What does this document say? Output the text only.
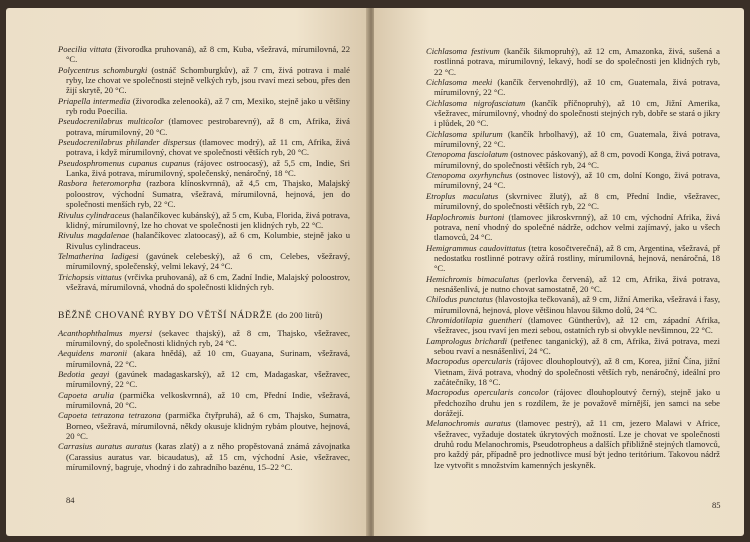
Poecilia vittata (živorodka pruhovaná), až 8 cm, Kuba, všežravá, mírumilovná, 22 °C.

Polycentrus schomburgki (ostnáč Schomburgkův), až 7 cm, živá potrava i malé ryby, lze chovat ve společnosti stejně velkých ryb, jsou rvaví mezi sebou, přes den žijí skrytě, 20 °C.

Priapella intermedia (živorodka zelenooká), až 7 cm, Mexiko, stejně jako u většiny ryb rodu Poecilia.

Pseudocrenilabrus multicolor (tlamovec pestrobarevný), až 8 cm, Afrika, živá potrava, mírumilovný, 20 °C.

Pseudocrenilabrus philander dispersus (tlamovec modrý), až 11 cm, Afrika, živá potrava, i když mírumilovný, chovat ve společnosti větších ryb, 20 °C.

Pseudosphromenus cupanus cupanus (rájovec ostroocasý), až 5,5 cm, Indie, Sri Lanka, živá potrava, mírumilovný, společenský, nenáročný, 18 °C.

Rasbora heteromorpha (razbora klínoskvrnná), až 4,5 cm, Thajsko, Malajský poloostrov, východní Sumatra, všežravá, mírumilovná, hejnová, jen do společnosti menších ryb, 22 °C.

Rivulus cylindraceus (halančíkovec kubánský), až 5 cm, Kuba, Florida, živá potrava, klidný, mírumilovný, lze ho chovat ve společnosti jen klidných ryb, 22 °C.

Rivulus magdalenae (halančíkovec zlatoocasý), až 6 cm, Kolumbie, stejně jako u Rivulus cylindraceus.

Telmatherina ladigesi (gavúnek celebeský), až 6 cm, Celebes, všežravý, mírumilovný, společenský, velmi lekavý, 24 °C.

Trichopsis vittatus (vrčivka pruhovaná), až 6 cm, Zadní Indie, Malajský poloostrov, všežravá, mírumilovná, vhodná do společnosti klidných ryb.

BĚŽNĚ CHOVANÉ RYBY DO VĚTŠÍ NÁDRŽE (do 200 litrů)

Acanthophthalmus myersi (sekavec thajský), až 8 cm, Thajsko, všežravec, mírumilovný, do společnosti klidných ryb, 24 °C.

Aequidens maronii (akara hnědá), až 10 cm, Guayana, Surinam, všežravá, mírumilovná, 22 °C.

Bedotia geayi (gavúnek madagaskarský), až 12 cm, Madagaskar, všežravec, mírumilovný, 22 °C.

Capoeta arulia (parmička velkoskvrnná), až 10 cm, Přední Indie, všežravá, mírumilovná, 20 °C.

Capoeta tetrazona tetrazona (parmička čtyřpruhá), až 6 cm, Thajsko, Sumatra, Borneo, všežravá, mírumilovná, někdy okusuje klidným rybám ploutve, hejnová, 20 °C.

Carrasius auratus auratus (karas zlatý) a z něho propěstovaná známá závojnatka (Carassius auratus var. bicaudatus), až 15 cm, východní Asie, všežravec, mírumilovný, bagruje, vhodný i do zahradního bazénu, 15–22 °C.

84

Cichlasoma festivum (kančík šikmopruhý), až 12 cm, Amazonka, živá, sušená a rostlinná potrava, mírumilovný, lekavý, hodí se do společnosti jen klidných ryb, 22 °C.

Cichlasoma meeki (kančík červenohrdlý), až 10 cm, Guatemala, živá potrava, mírumilovný, 22 °C.

Cichlasoma nigrofasciatum (kančík příčnopruhý), až 10 cm, Jižní Amerika, všežravec, mírumilovný, vhodný do společnosti stejných ryb, dobře se stará o jikry i plůdek, 20 °C.

Cichlasoma spilurum (kančík hrbolhavý), až 10 cm, Guatemala, živá potrava, mírumilovný, 22 °C.

Ctenopoma fasciolatum (ostnovec páskovaný), až 8 cm, povodí Konga, živá potrava, mírumilovný, do společnosti větších ryb, 24 °C.

Ctenopoma oxyrhynchus (ostnovec listový), až 10 cm, dolní Kongo, živá potrava, mírumilovný, 24 °C.

Etroplus maculatus (skvrnivec žlutý), až 8 cm, Přední Indie, všežravec, mírumilovný, do společnosti větších ryb, 22 °C.

Haplochromis burtoni (tlamovec jikroskvrnný), až 10 cm, východní Afrika, živá potrava, není vhodný do společné nádrže, odchov velmi zajímavý, jako u všech tlamovců, 24 °C.

Hemigrammus caudovittatus (tetra kosočtverečná), až 8 cm, Argentina, všežravá, př nedostatku rostlinné potravy ožírá rostliny, mírumilovná, hejnová, nenáročná, 18 °C.

Hemichromis bimaculatus (perlovka červená), až 12 cm, Afrika, živá potrava, nesnášenlivá, je nutno chovat samostatně, 20 °C.

Chilodus punctatus (hlavostojka tečkovaná), až 9 cm, Jižní Amerika, všežravá i řasy, mírumilovná, hejnová, plove většinou hlavou šikmo dolů, 24 °C.

Chromidotilapia guentheri (tlamovec Güntherův), až 12 cm, západní Afrika, všežravec, jsou rvaví jen mezi sebou, ostatních ryb si obvykle nevšimnou, 22 °C.

Lamprologus brichardi (petřenec tanganický), až 8 cm, Afrika, živá potrava, mezi sebou rvaví a nesnášenliví, 24 °C.

Macropodus opercularis (rájovec dlouhoploutvý), až 8 cm, Korea, jižní Čína, jižní Vietnam, živá potrava, vhodný do společnosti větších ryb, nenáročný, ideální pro začátečníky, 18 °C.

Macropodus opercularis concolor (rájovec dlouhoploutvý černý), stejně jako u předchozího druhu jen s rozdílem, že je považově mírnější, jen samci na sebe dorážejí.

Melanochromis auratus (tlamovec pestrý), až 11 cm, jezero Malawi v Africe, všežravec, vyžaduje dostatek úkrytových možností. Lze je chovat ve společnosti druhů rodu Melanochromis, Pseudotropheus a dalších přibližně stejných tlamovců, pro každý pár, případně pro jednotlivce musí být jedno teritórium. Takovou nádrž lze vytvořit s množstvím kamenných jeskyněk.

85
